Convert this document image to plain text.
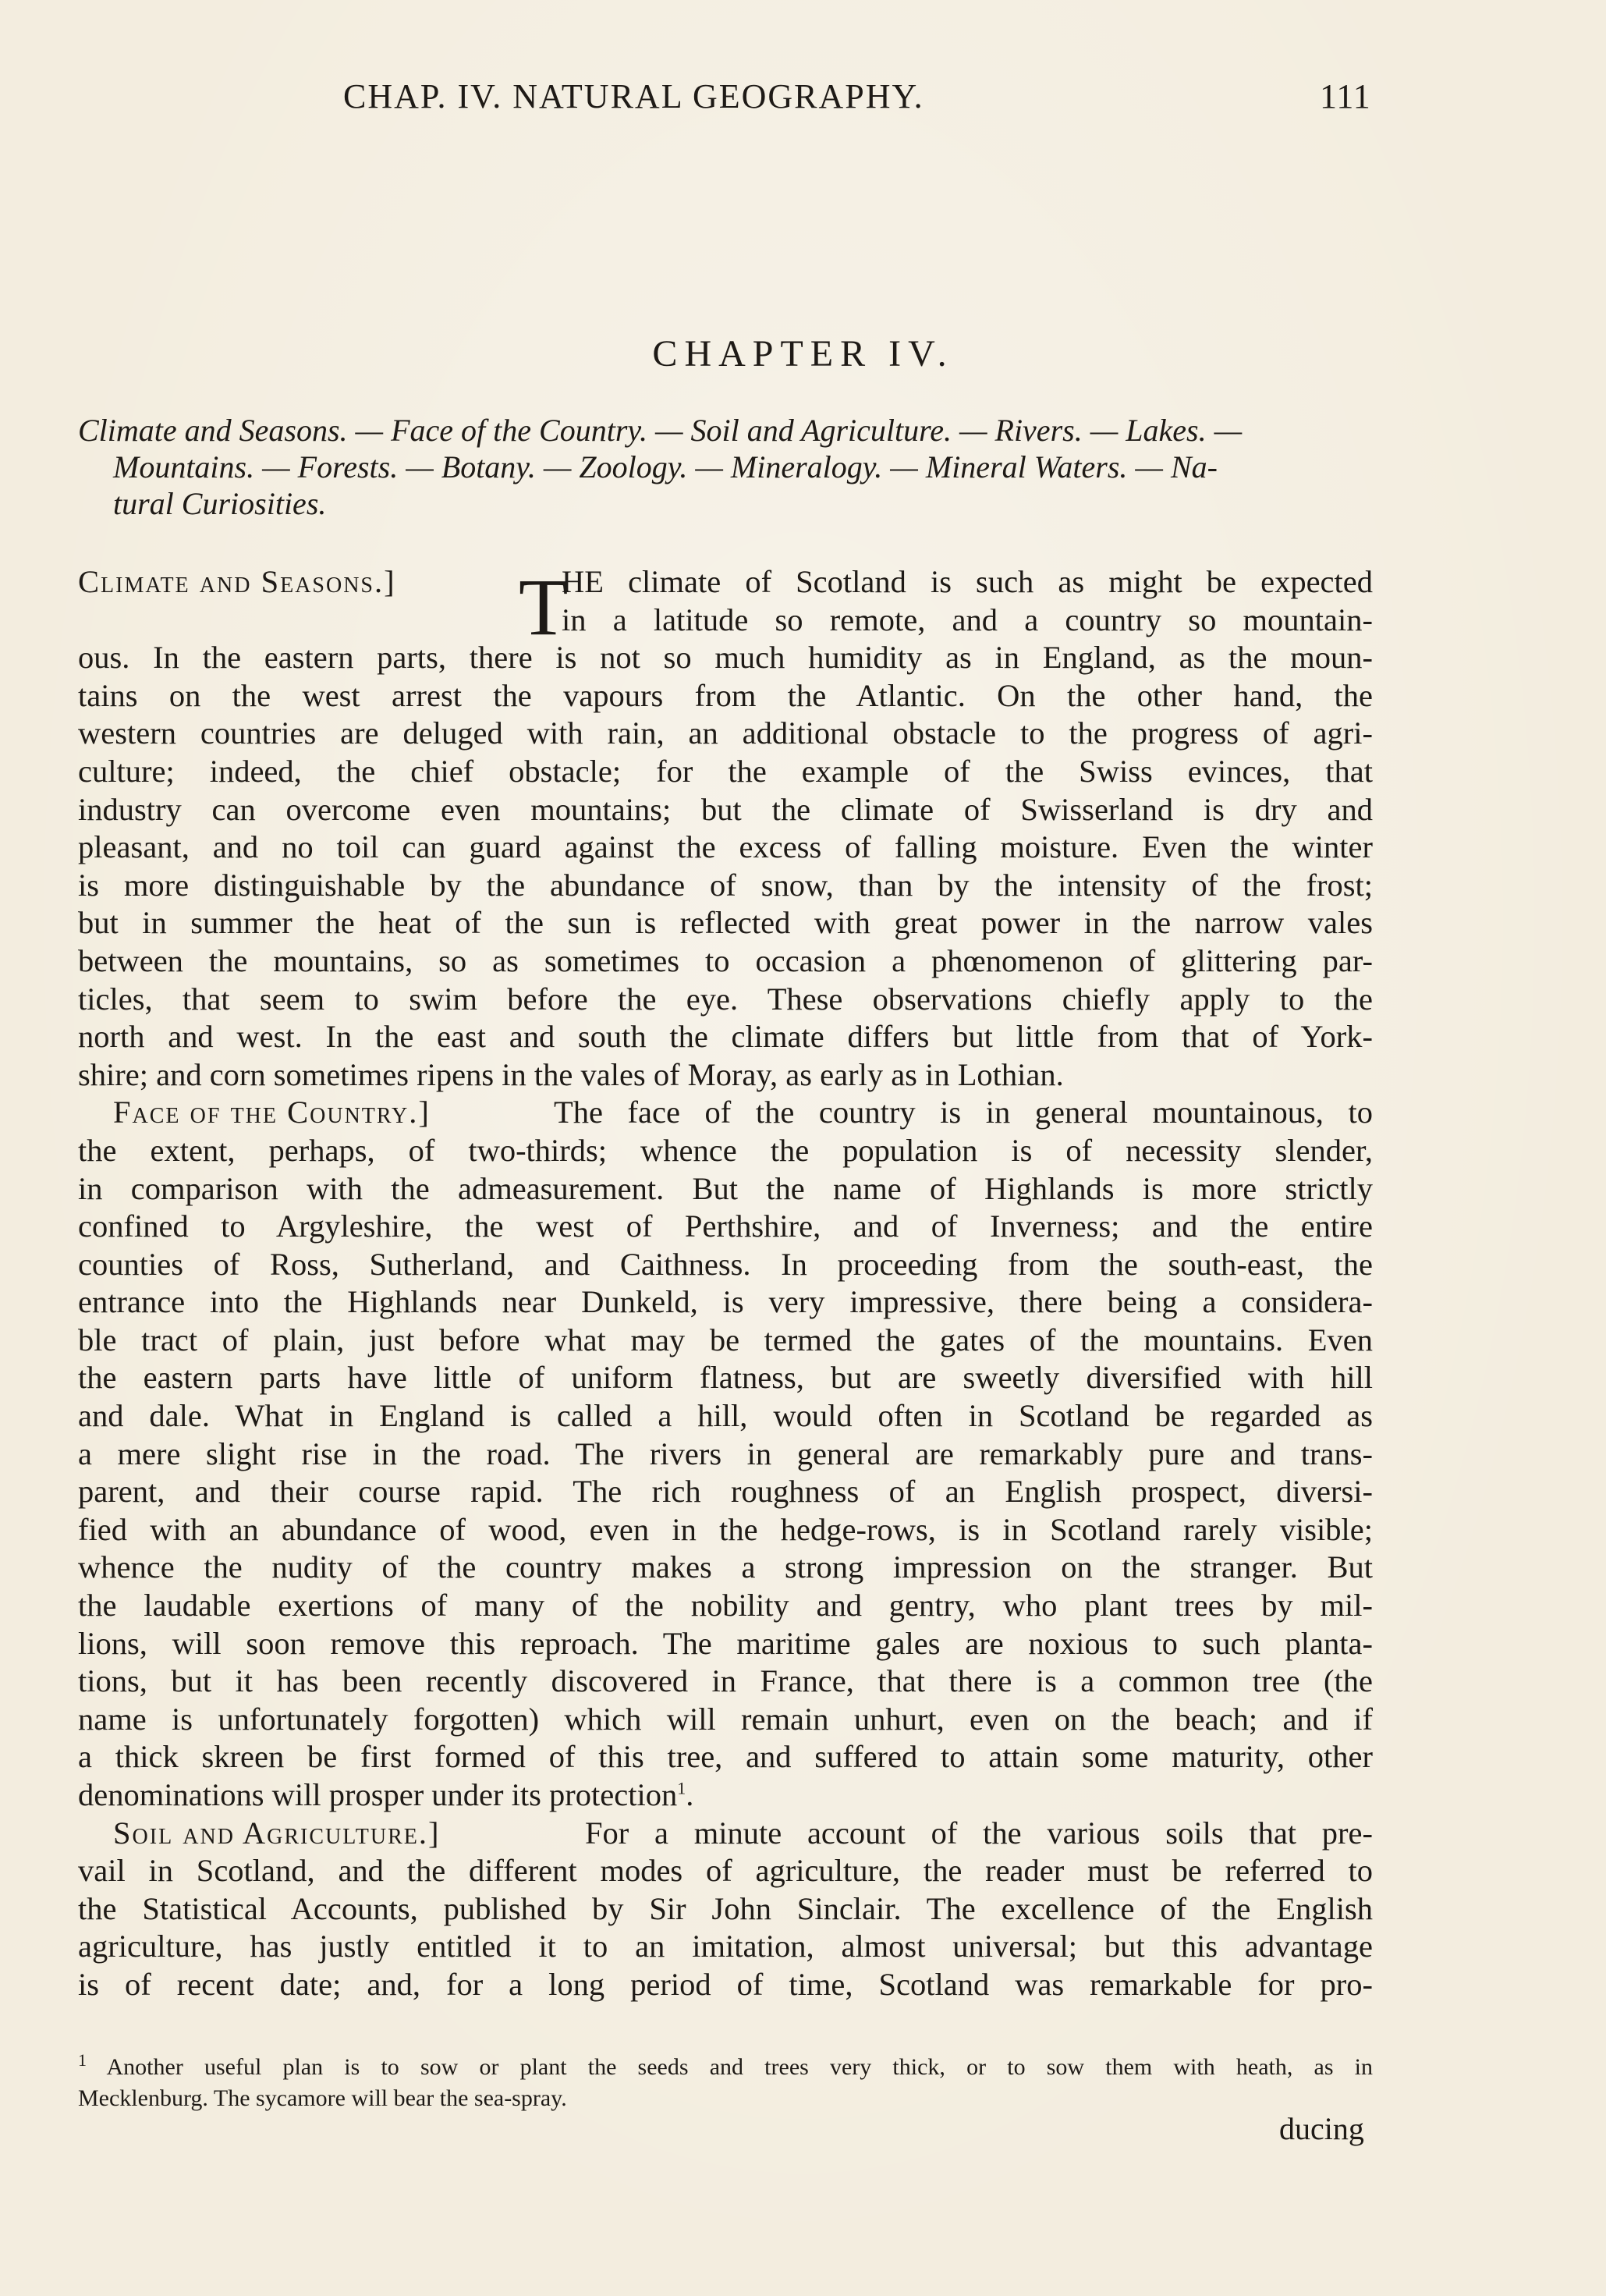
CHAP. IV. NATURAL GEOGRAPHY.	111
CHAPTER IV.
Climate and Seasons. — Face of the Country. — Soil and Agriculture. — Rivers. — Lakes. —
Mountains. — Forests. — Botany. — Zoology. — Mineralogy. — Mineral Waters. — Na-
tural Curiosities.
T
Climate and Seasons.]	HE climate of Scotland is such as might be expected
in a latitude so remote, and a country so mountain-
ous. In the eastern parts, there is not so much humidity as in England, as the moun-
tains on the west arrest the vapours from the Atlantic. On the other hand, the
western countries are deluged with rain, an additional obstacle to the progress of agri-
culture; indeed, the chief obstacle; for the example of the Swiss evinces, that
industry can overcome even mountains; but the climate of Swisserland is dry and
pleasant, and no toil can guard against the excess of falling moisture. Even the winter
is more distinguishable by the abundance of snow, than by the intensity of the frost;
but in summer the heat of the sun is reflected with great power in the narrow vales
between the mountains, so as sometimes to occasion a phœnomenon of glittering par-
ticles, that seem to swim before the eye. These observations chiefly apply to the
north and west. In the east and south the climate differs but little from that of York-
shire; and corn sometimes ripens in the vales of Moray, as early as in Lothian.
Face of the Country.]	The face of the country is in general mountainous, to
the extent, perhaps, of two-thirds; whence the population is of necessity slender,
in comparison with the admeasurement. But the name of Highlands is more strictly
confined to Argyleshire, the west of Perthshire, and of Inverness; and the entire
counties of Ross, Sutherland, and Caithness. In proceeding from the south-east, the
entrance into the Highlands near Dunkeld, is very impressive, there being a considera-
ble tract of plain, just before what may be termed the gates of the mountains. Even
the eastern parts have little of uniform flatness, but are sweetly diversified with hill
and dale. What in England is called a hill, would often in Scotland be regarded as
a mere slight rise in the road. The rivers in general are remarkably pure and trans-
parent, and their course rapid. The rich roughness of an English prospect, diversi-
fied with an abundance of wood, even in the hedge-rows, is in Scotland rarely visible;
whence the nudity of the country makes a strong impression on the stranger. But
the laudable exertions of many of the nobility and gentry, who plant trees by mil-
lions, will soon remove this reproach. The maritime gales are noxious to such planta-
tions, but it has been recently discovered in France, that there is a common tree (the
name is unfortunately forgotten) which will remain unhurt, even on the beach; and if
a thick skreen be first formed of this tree, and suffered to attain some maturity, other
denominations will prosper under its protection$^1$.
Soil and Agriculture.]	For a minute account of the various soils that pre-
vail in Scotland, and the different modes of agriculture, the reader must be referred to
the Statistical Accounts, published by Sir John Sinclair. The excellence of the English
agriculture, has justly entitled it to an imitation, almost universal; but this advantage
is of recent date; and, for a long period of time, Scotland was remarkable for pro-
$^1$ Another useful plan is to sow or plant the seeds and trees very thick, or to sow them with heath, as in
Mecklenburg. The sycamore will bear the sea-spray.
ducing
